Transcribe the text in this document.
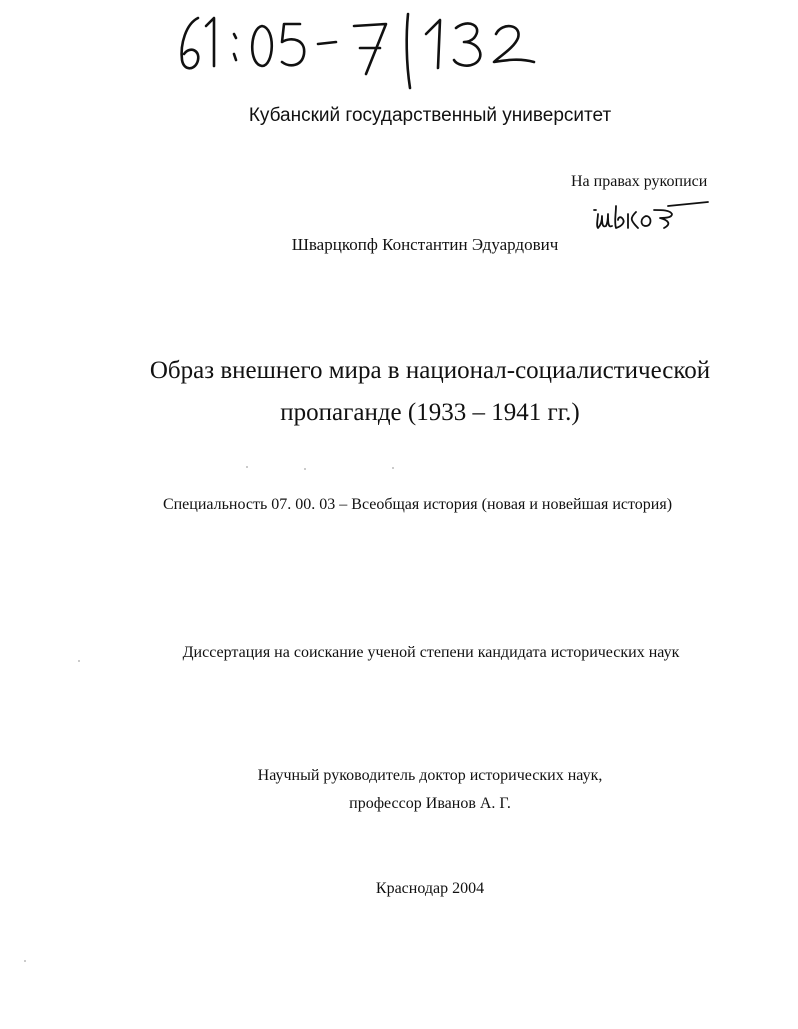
Кубанский государственный университет
На правах рукописи
Шварцкопф Константин Эдуардович
Образ внешнего мира в национал-социалистической
пропаганде (1933 – 1941 гг.)
Специальность 07. 00. 03 – Всеобщая история (новая и новейшая история)
Диссертация на соискание ученой степени кандидата исторических наук
Научный руководитель доктор исторических наук,
профессор Иванов А. Г.
Краснодар 2004
